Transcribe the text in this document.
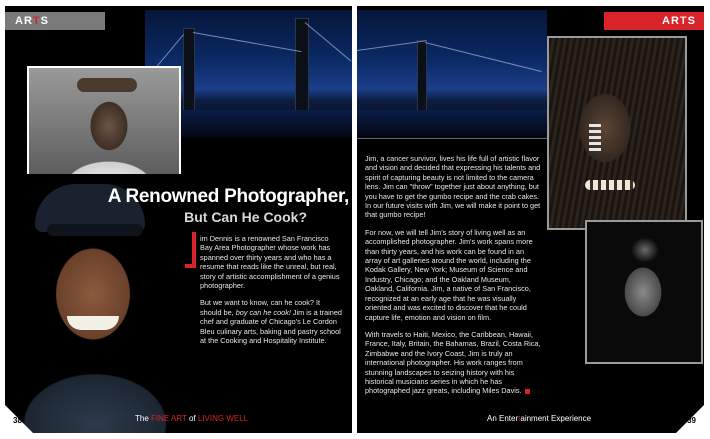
AR T S
A Renowned Photographer,
But Can He Cook?

im Dennis is a renowned San Francisco Bay Area Photographer whose work has spanned over thirty years and who has a resume that reads like the unreal, but real, story of artistic accomplishment of a genius photographer.

But we want to know, can he cook? It should be, boy can he cook! Jim is a trained chef and graduate of Chicago's Le Cordon Bleu culinary arts, baking and pastry school at the Cooking and Hospitality Institute.

38	The FINE ART of LIVING WELL
AR T S

Jim, a cancer survivor, lives his life full of artistic flavor and vision and decided that expressing his talents and spirit of capturing beauty is not limited to the camera lens. Jim can "throw" together just about anything, but you have to get the gumbo recipe and the crab cakes. In our future visits with Jim, we will make it point to get that gumbo recipe!

For now, we will tell Jim's story of living well as an accomplished photographer. Jim's work spans more than thirty years, and his work can be found in an array of art galleries around the world, including the Kodak Gallery, New York; Museum of Science and Industry, Chicago; and the Oakland Museum, Oakland, California. Jim, a native of San Francisco, recognized at an early age that he was visually oriented and was excited to discover that he could capture life, emotion and vision on film.

With travels to Haiti, Mexico, the Caribbean, Hawaii, France, Italy, Britain, the Bahamas, Brazil, Costa Rica, Zimbabwe and the Ivory Coast, Jim is truly an international photographer. His work ranges from stunning landscapes to seizing history with his historical musicians series in which he has photographed jazz greats, including Miles Davis.

An Entertainment Experience	39
